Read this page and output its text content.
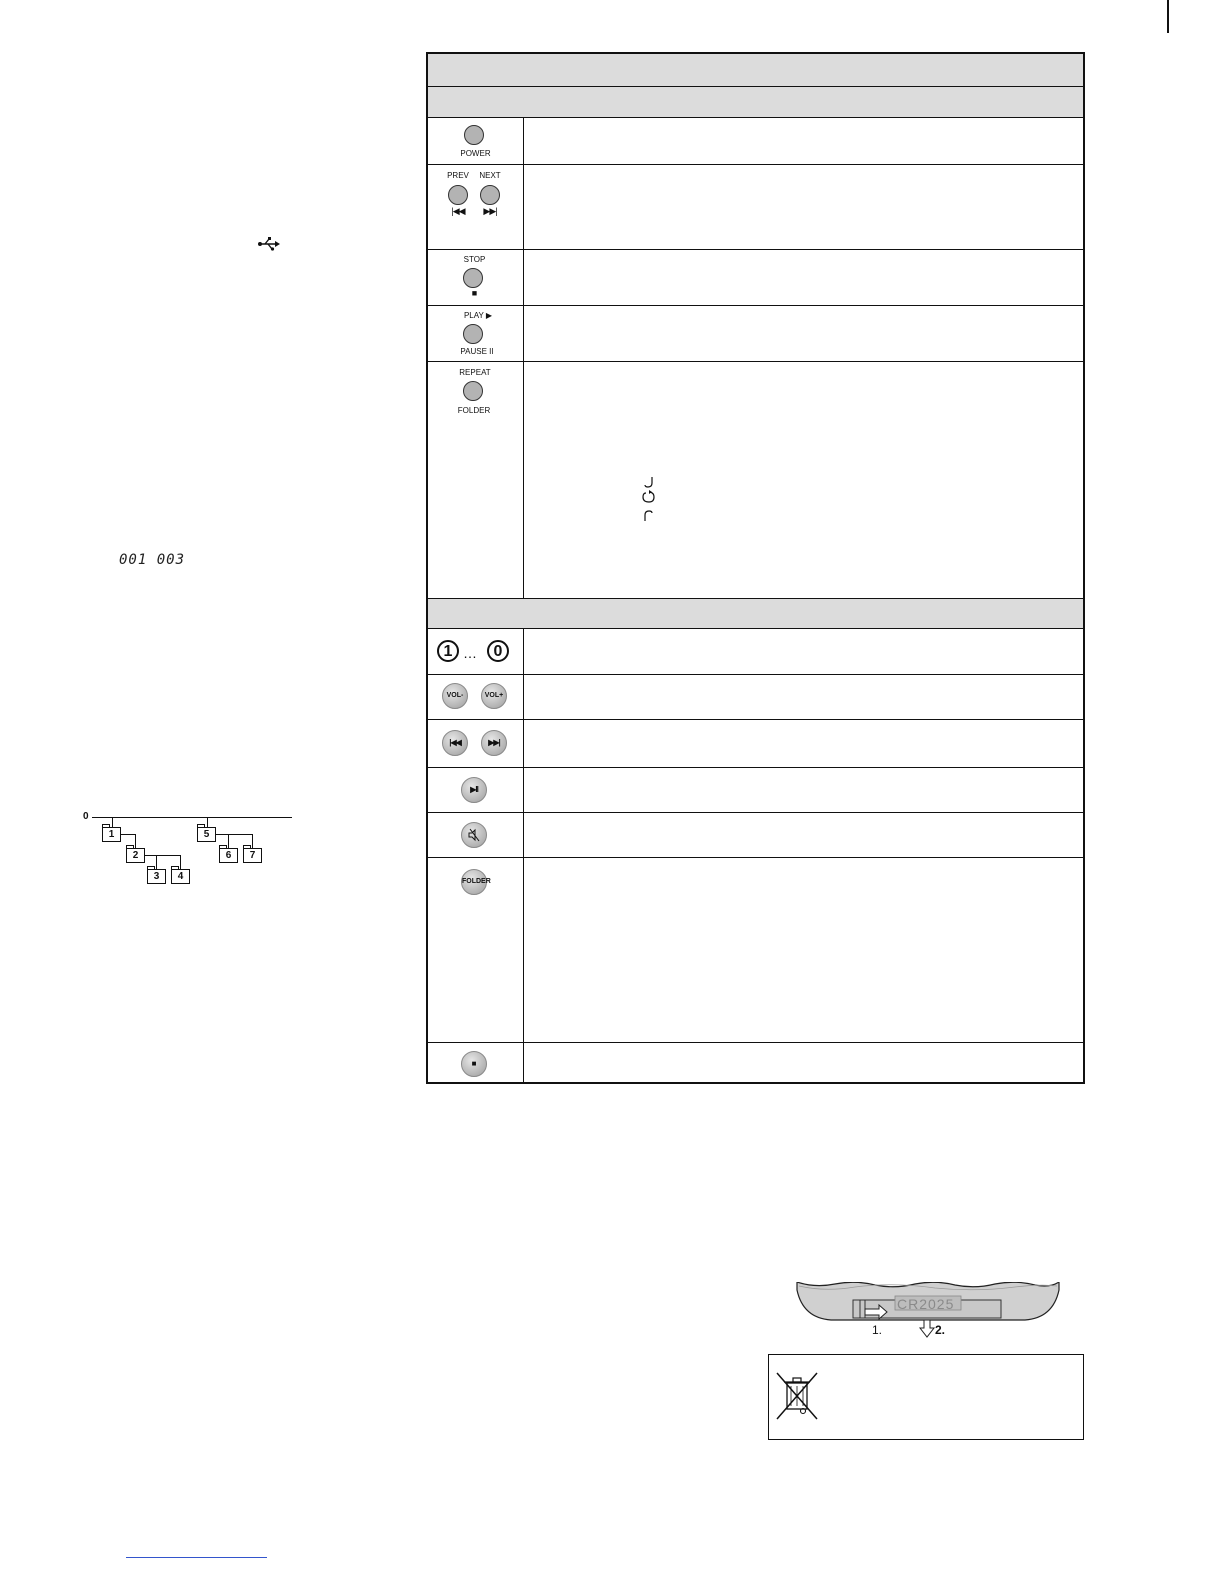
001 003
0
1
2
3	4
5
6	7
POWER
PREV	NEXT
|◀◀	▶▶|
STOP
■
PLAY ▶
PAUSE II
REPEAT
FOLDER
1 …	0
VOL-	VOL+
|◀◀	▶▶|
▶II
FOLDER
■
CR2025
1.	2.
